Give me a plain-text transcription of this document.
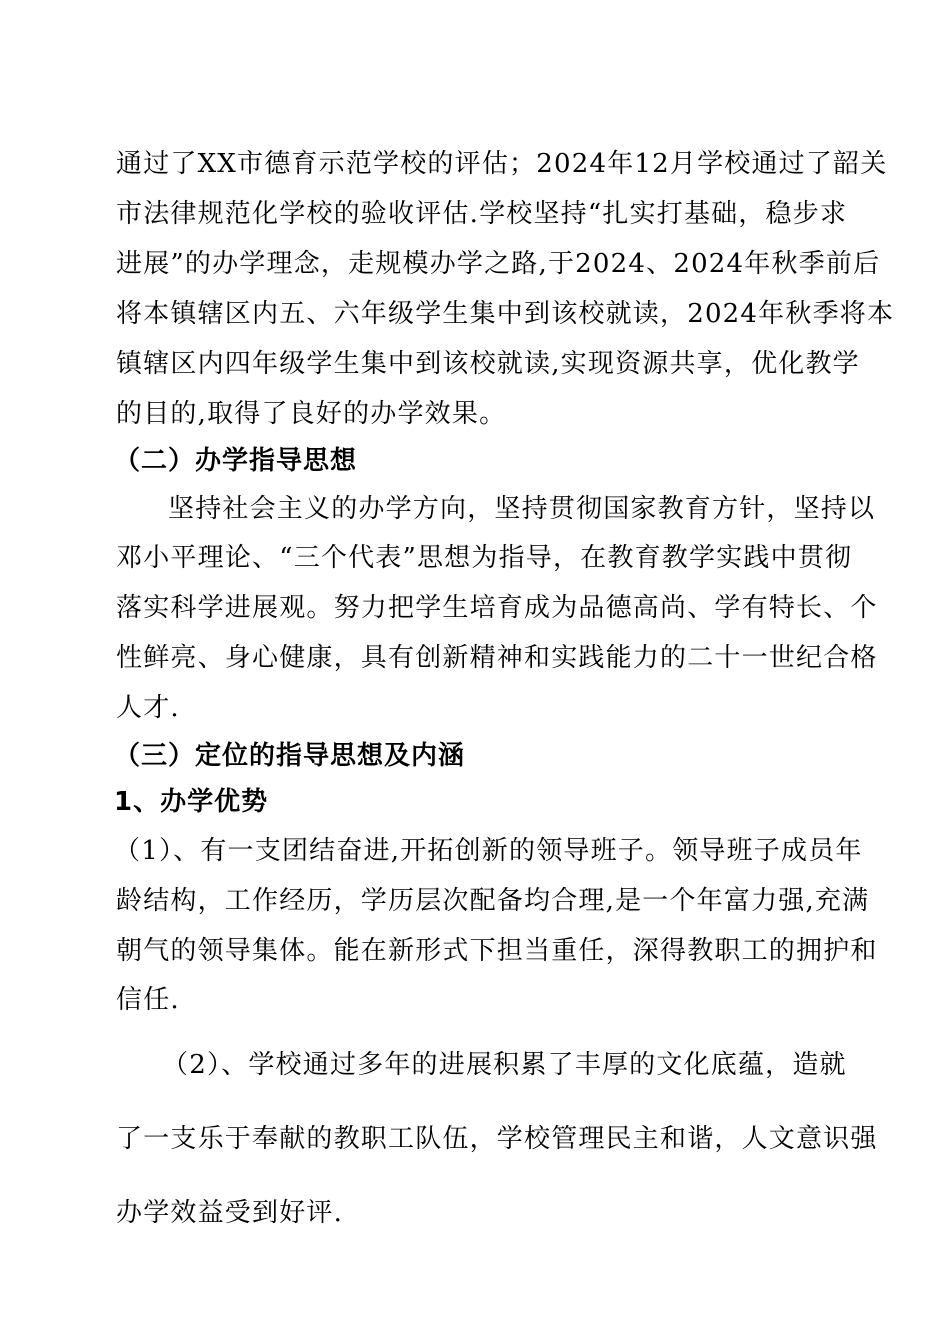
通过了XX市德育示范学校的评估；2024年12月学校通过了韶关
市法律规范化学校的验收评估.学校坚持“扎实打基础，稳步求
进展”的办学理念，走规模办学之路,于2024、2024年秋季前后
将本镇辖区内五、六年级学生集中到该校就读，2024年秋季将本
镇辖区内四年级学生集中到该校就读,实现资源共享，优化教学
的目的,取得了良好的办学效果。
（二）办学指导思想
坚持社会主义的办学方向，坚持贯彻国家教育方针，坚持以
邓小平理论、“三个代表”思想为指导，在教育教学实践中贯彻
落实科学进展观。努力把学生培育成为品德高尚、学有特长、个
性鲜亮、身心健康，具有创新精神和实践能力的二十一世纪合格
人才.
（三）定位的指导思想及内涵
1、办学优势
（1）、有一支团结奋进,开拓创新的领导班子。领导班子成员年
龄结构，工作经历，学历层次配备均合理,是一个年富力强,充满
朝气的领导集体。能在新形式下担当重任，深得教职工的拥护和
信任.
（2）、学校通过多年的进展积累了丰厚的文化底蕴，造就
了一支乐于奉献的教职工队伍，学校管理民主和谐，人文意识强
办学效益受到好评.
